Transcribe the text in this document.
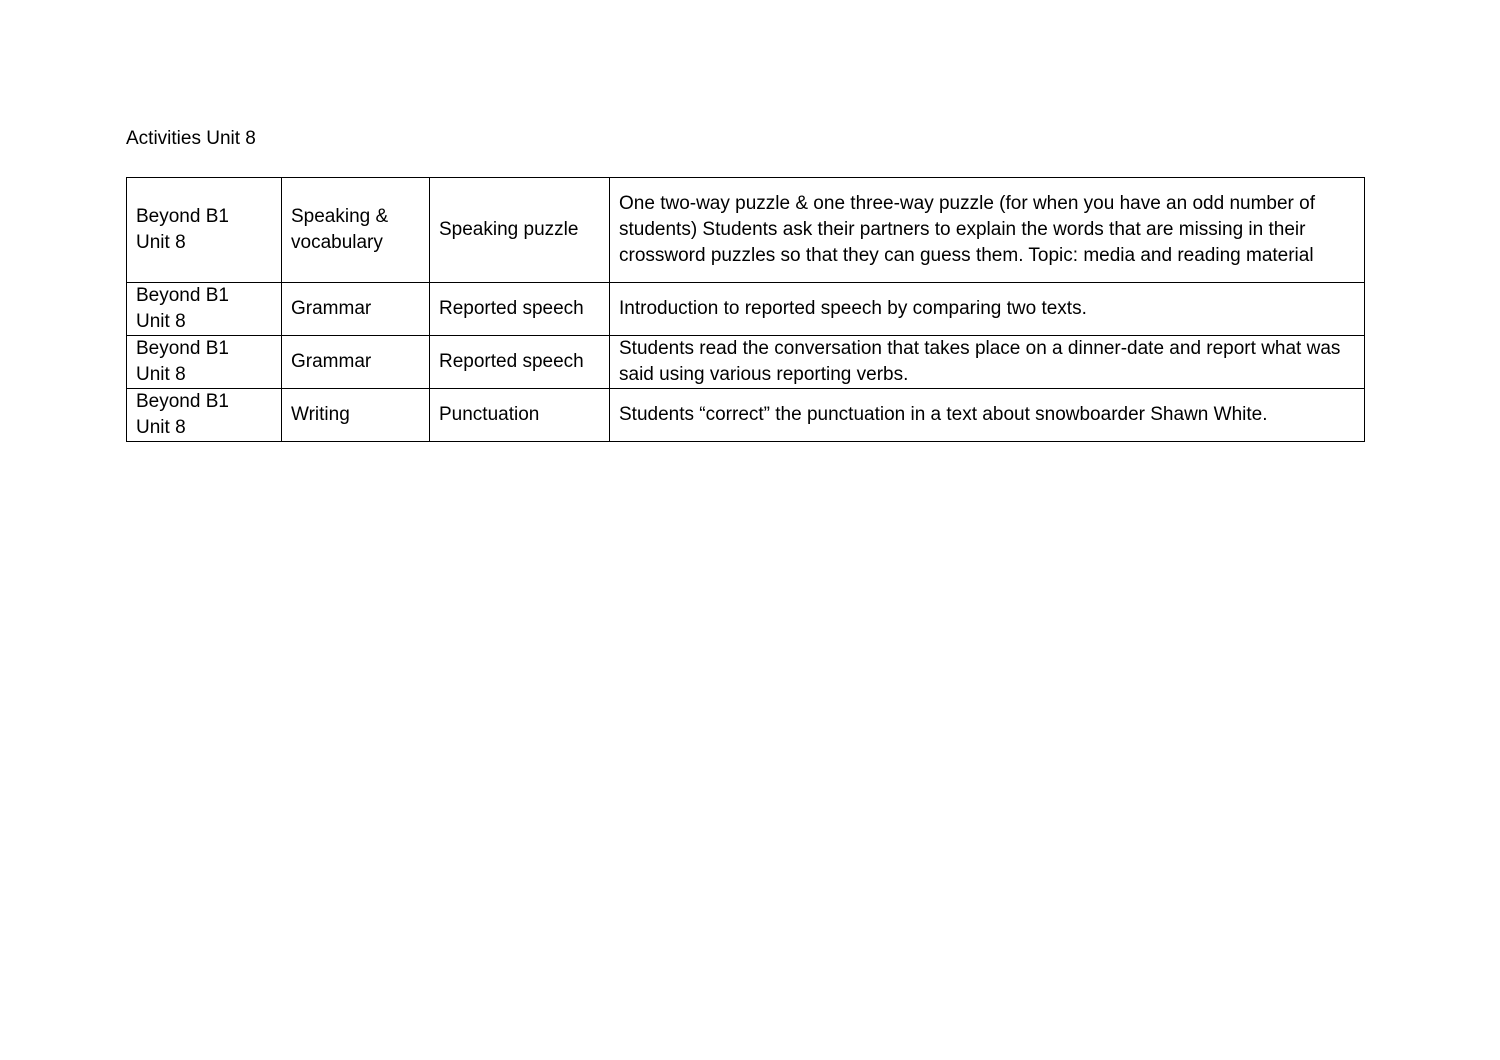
Activities Unit 8

Beyond B1
Unit 8	Speaking &
vocabulary	Speaking puzzle	One two-way puzzle & one three-way puzzle (for when you have an odd number of students) Students ask their partners to explain the words that are missing in their crossword puzzles so that they can guess them. Topic: media and reading material

Beyond B1
Unit 8	Grammar	Reported speech	Introduction to reported speech by comparing two texts.

Beyond B1
Unit 8	Grammar	Reported speech	Students read the conversation that takes place on a dinner-date and report what was said using various reporting verbs.

Beyond B1
Unit 8	Writing	Punctuation	Students “correct” the punctuation in a text about snowboarder Shawn White.
